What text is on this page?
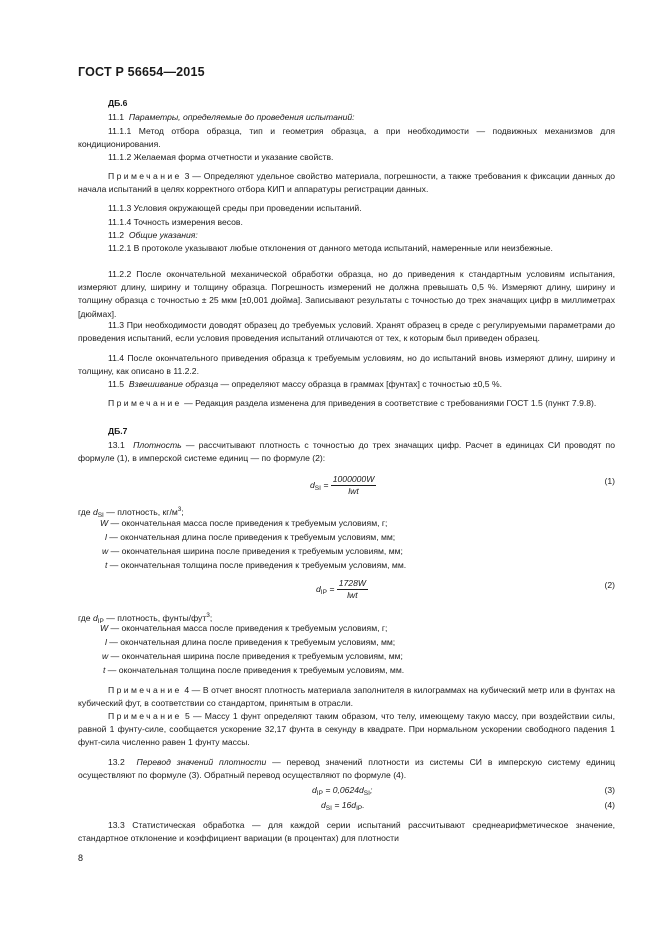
ГОСТ Р 56654—2015
ДБ.6
11.1 Параметры, определяемые до проведения испытаний:
11.1.1 Метод отбора образца, тип и геометрия образца, а при необходимости — подвижных механизмов для кондиционирования.
11.1.2 Желаемая форма отчетности и указание свойств.
Примечание 3 — Определяют удельное свойство материала, погрешности, а также требования к фиксации данных до начала испытаний в целях корректного отбора КИП и аппаратуры регистрации данных.
11.1.3 Условия окружающей среды при проведении испытаний.
11.1.4 Точность измерения весов.
11.2 Общие указания:
11.2.1 В протоколе указывают любые отклонения от данного метода испытаний, намеренные или неизбежные.
11.2.2 После окончательной механической обработки образца, но до приведения к стандартным условиям испытания, измеряют длину, ширину и толщину образца. Погрешность измерений не должна превышать 0,5 %. Измеряют длину, ширину и толщину образца с точностью ± 25 мкм [±0,001 дюйма]. Записывают результаты с точностью до трех значащих цифр в миллиметрах [дюймах].
11.3 При необходимости доводят образец до требуемых условий. Хранят образец в среде с регулируемыми параметрами до проведения испытаний, если условия проведения испытаний отличаются от тех, к которым был приведен образец.
11.4 После окончательного приведения образца к требуемым условиям, но до испытаний вновь измеряют длину, ширину и толщину, как описано в 11.2.2.
11.5 Взвешивание образца — определяют массу образца в граммах [фунтах] с точностью ±0,5 %.
Примечание — Редакция раздела изменена для приведения в соответствие с требованиями ГОСТ 1.5 (пункт 7.9.8).
ДБ.7
13.1 Плотность — рассчитывают плотность с точностью до трех значащих цифр. Расчет в единицах СИ проводят по формуле (1), в имперской системе единиц — по формуле (2):
$d_{SI} = \frac{1000000W}{\text{lwt}}$	(1)
где $d_{SI}$ — плотность, $кг/м^3$;
W — окончательная масса после приведения к требуемым условиям, г;
l — окончательная длина после приведения к требуемым условиям, мм;
w — окончательная ширина после приведения к требуемым условиям, мм;
t — окончательная толщина после приведения к требуемым условиям, мм.
$d_{IP} = \frac{1728W}{\text{lwt}}$	(2)
где $d_{IP}$ — плотность, фунты/фут$^3$;
W — окончательная масса после приведения к требуемым условиям, г;
l — окончательная длина после приведения к требуемым условиям, мм;
w — окончательная ширина после приведения к требуемым условиям, мм;
t — окончательная толщина после приведения к требуемым условиям, мм.
Примечание 4 — В отчет вносят плотность материала заполнителя в килограммах на кубический метр или в фунтах на кубический фут, в соответствии со стандартом, принятым в отрасли.
Примечание 5 — Массу 1 фунт определяют таким образом, что телу, имеющему такую массу, при воздействии силы, равной 1 фунту-силе, сообщается ускорение 32,17 фунта в секунду в квадрате. При нормальном ускорении свободного падения 1 фунт-сила численно равен 1 фунту массы.
13.2 Перевод значений плотности — перевод значений плотности из системы СИ в имперскую систему единиц осуществляют по формуле (3). Обратный перевод осуществляют по формуле (4).
$d_{IP} = 0,0624d_{SI}$;	(3)
$d_{SI} = 16d_{IP}$.	(4)
13.3 Статистическая обработка — для каждой серии испытаний рассчитывают среднеарифметическое значение, стандартное отклонение и коэффициент вариации (в процентах) для плотности
8
